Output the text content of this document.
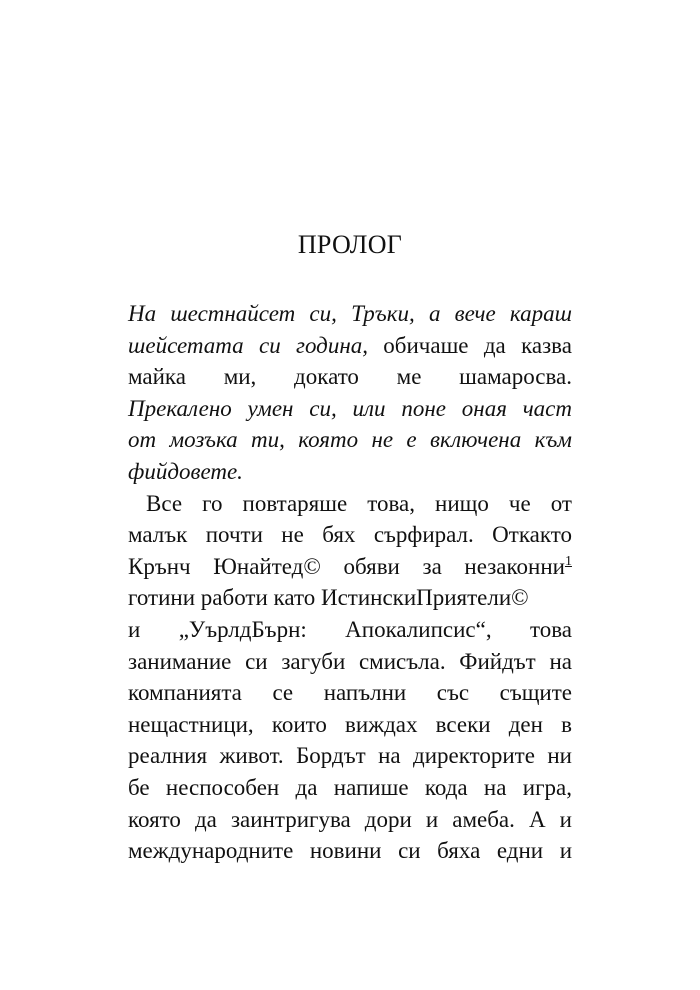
ПРОЛОГ
На шестнайсет си, Тръки, а вече караш
шейсетата си година, обичаше да казва
майка ми, докато ме шамаросва.
Прекалено умен си, или поне оная част
от мозъка ти, която не е включена към
фийдовете.
Все го повтаряше това, нищо че от
малък почти не бях сърфирал. Откакто
Крънч Юнайтед© обяви за незаконни$^1$
готини работи като ИстинскиПриятели©
и „УърлдБърн: Апокалипсис“, това
занимание си загуби смисъла. Фийдът на
компанията се напълни със същите
нещастници, които виждах всеки ден в
реалния живот. Бордът на директорите ни
бе неспособен да напише кода на игра,
която да заинтригува дори и амеба. А и
международните новини си бяха едни и
